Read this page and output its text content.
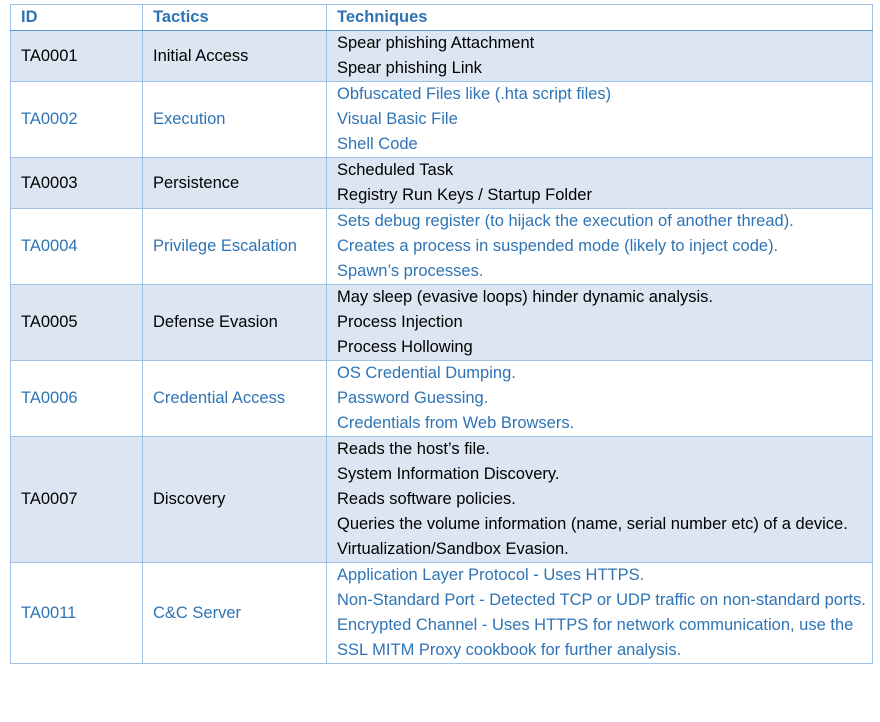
ID	Tactics	Techniques
TA0001	Initial Access	Spear phishing Attachment
Spear phishing Link

TA0002	Execution	Obfuscated Files like (.hta script files)
Visual Basic File
Shell Code

TA0003	Persistence	Scheduled Task
Registry Run Keys / Startup Folder

TA0004	Privilege Escalation	Sets debug register (to hijack the execution of another thread).
Creates a process in suspended mode (likely to inject code).
Spawn’s processes.

TA0005	Defense Evasion	May sleep (evasive loops) hinder dynamic analysis.
Process Injection
Process Hollowing

TA0006	Credential Access	OS Credential Dumping.
Password Guessing.
Credentials from Web Browsers.

TA0007	Discovery	Reads the host’s file.
System Information Discovery.
Reads software policies.
Queries the volume information (name, serial number etc) of a device.
Virtualization/Sandbox Evasion.

TA0011	C&C Server	Application Layer Protocol - Uses HTTPS.
Non-Standard Port - Detected TCP or UDP traffic on non-standard ports.
Encrypted Channel - Uses HTTPS for network communication, use the SSL MITM Proxy cookbook for further analysis.
